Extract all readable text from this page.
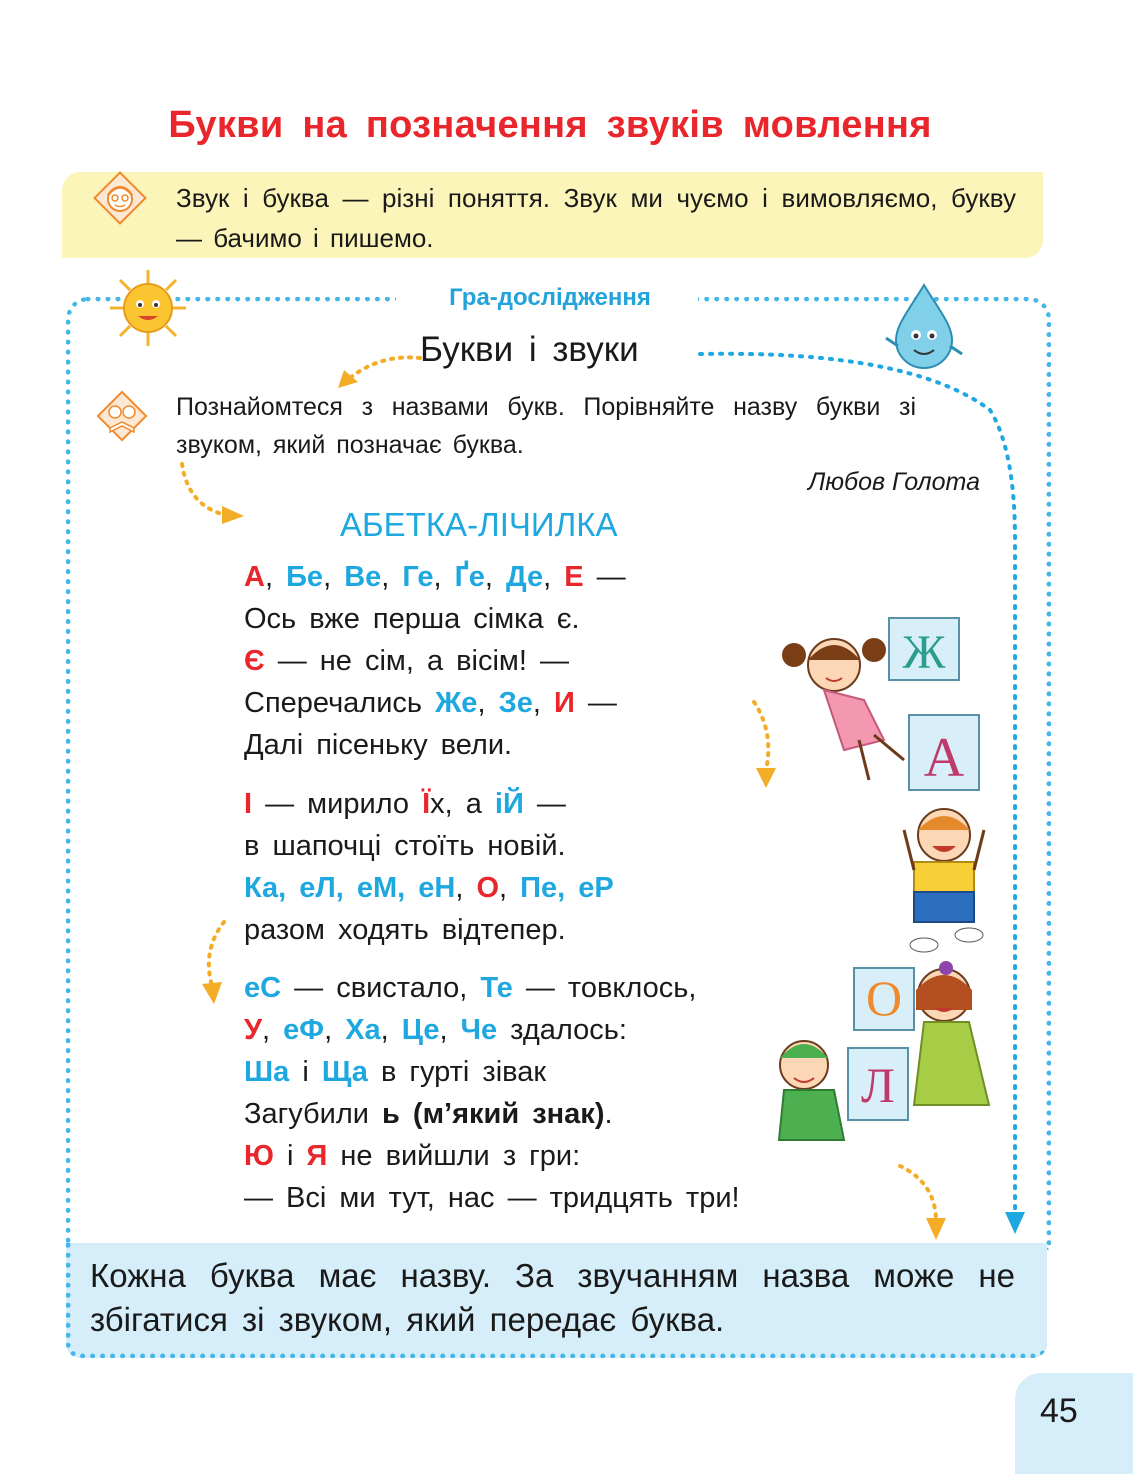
Букви на позначення звуків мовлення
Звук і буква — різні поняття. Звук ми чуємо і вимовляємо, букву — бачимо і пишемо.
Гра-дослідження
Букви і звуки
Познайомтеся з назвами букв. Порівняйте назву букви зі звуком, який позначає буква.
Любов Голота
АБЕТКА-ЛІЧИЛКА
А, Бе, Ве, Ге, Ґе, Де, Е —
Ось вже перша сімка є.
Є — не сім, а вісім! —
Сперечались Же, Зе, И —
Далі пісеньку вели.
І — мирило Їх, а іЙ —
в шапочці стоїть новій.
Ка, еЛ, еМ, еН, О, Пе, еР
разом ходять відтепер.
еС — свистало, Те — товклось,
У, еФ, Ха, Це, Че здалось:
Ша і Ща в гурті зівак
Загубили ь (м’який знак).
Ю і Я не вийшли з гри:
— Всі ми тут, нас — тридцять три!
Ж
А
О
Л
Кожна буква має назву. За звучанням назва може не збігатися зі звуком, який передає буква.
45
